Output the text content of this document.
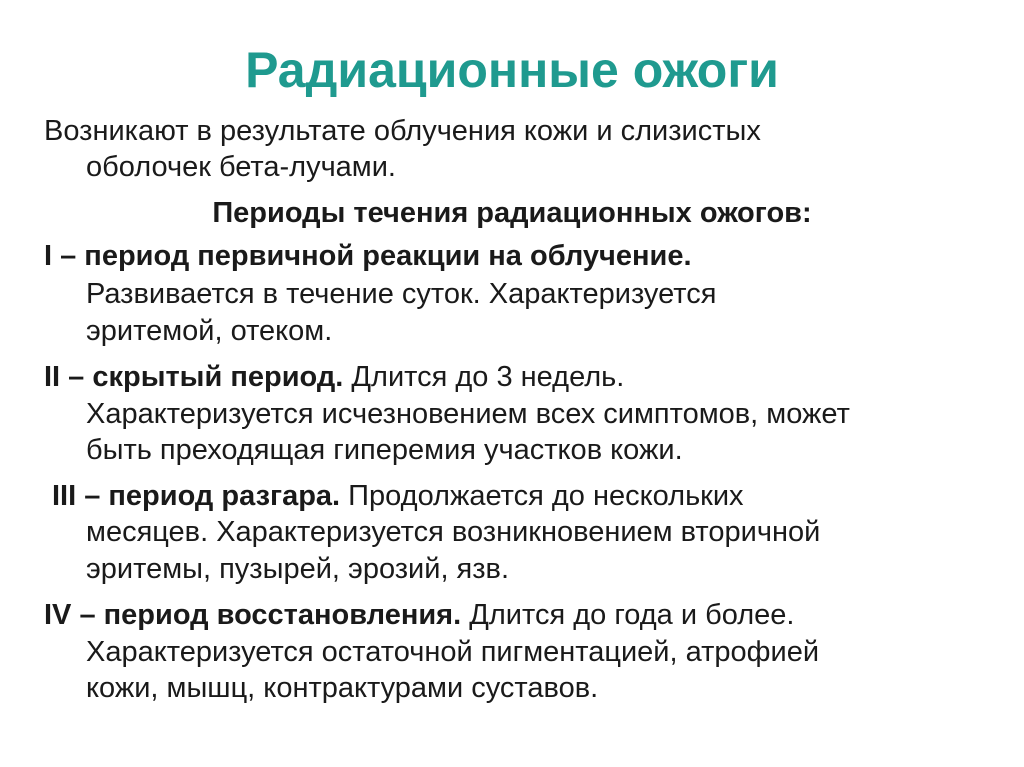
Радиационные ожоги
Возникают в результате облучения кожи и слизистых
оболочек бета-лучами.
Периоды течения радиационных ожогов:
I – период первичной реакции на облучение.
Развивается в течение суток. Характеризуется
эритемой, отеком.
II – скрытый период. Длится до 3 недель.
Характеризуется исчезновением всех симптомов, может
быть преходящая гиперемия участков кожи.
III – период разгара. Продолжается до нескольких
месяцев. Характеризуется возникновением вторичной
эритемы, пузырей, эрозий, язв.
IV – период восстановления. Длится до года и более.
Характеризуется остаточной пигментацией, атрофией
кожи, мышц, контрактурами суставов.
